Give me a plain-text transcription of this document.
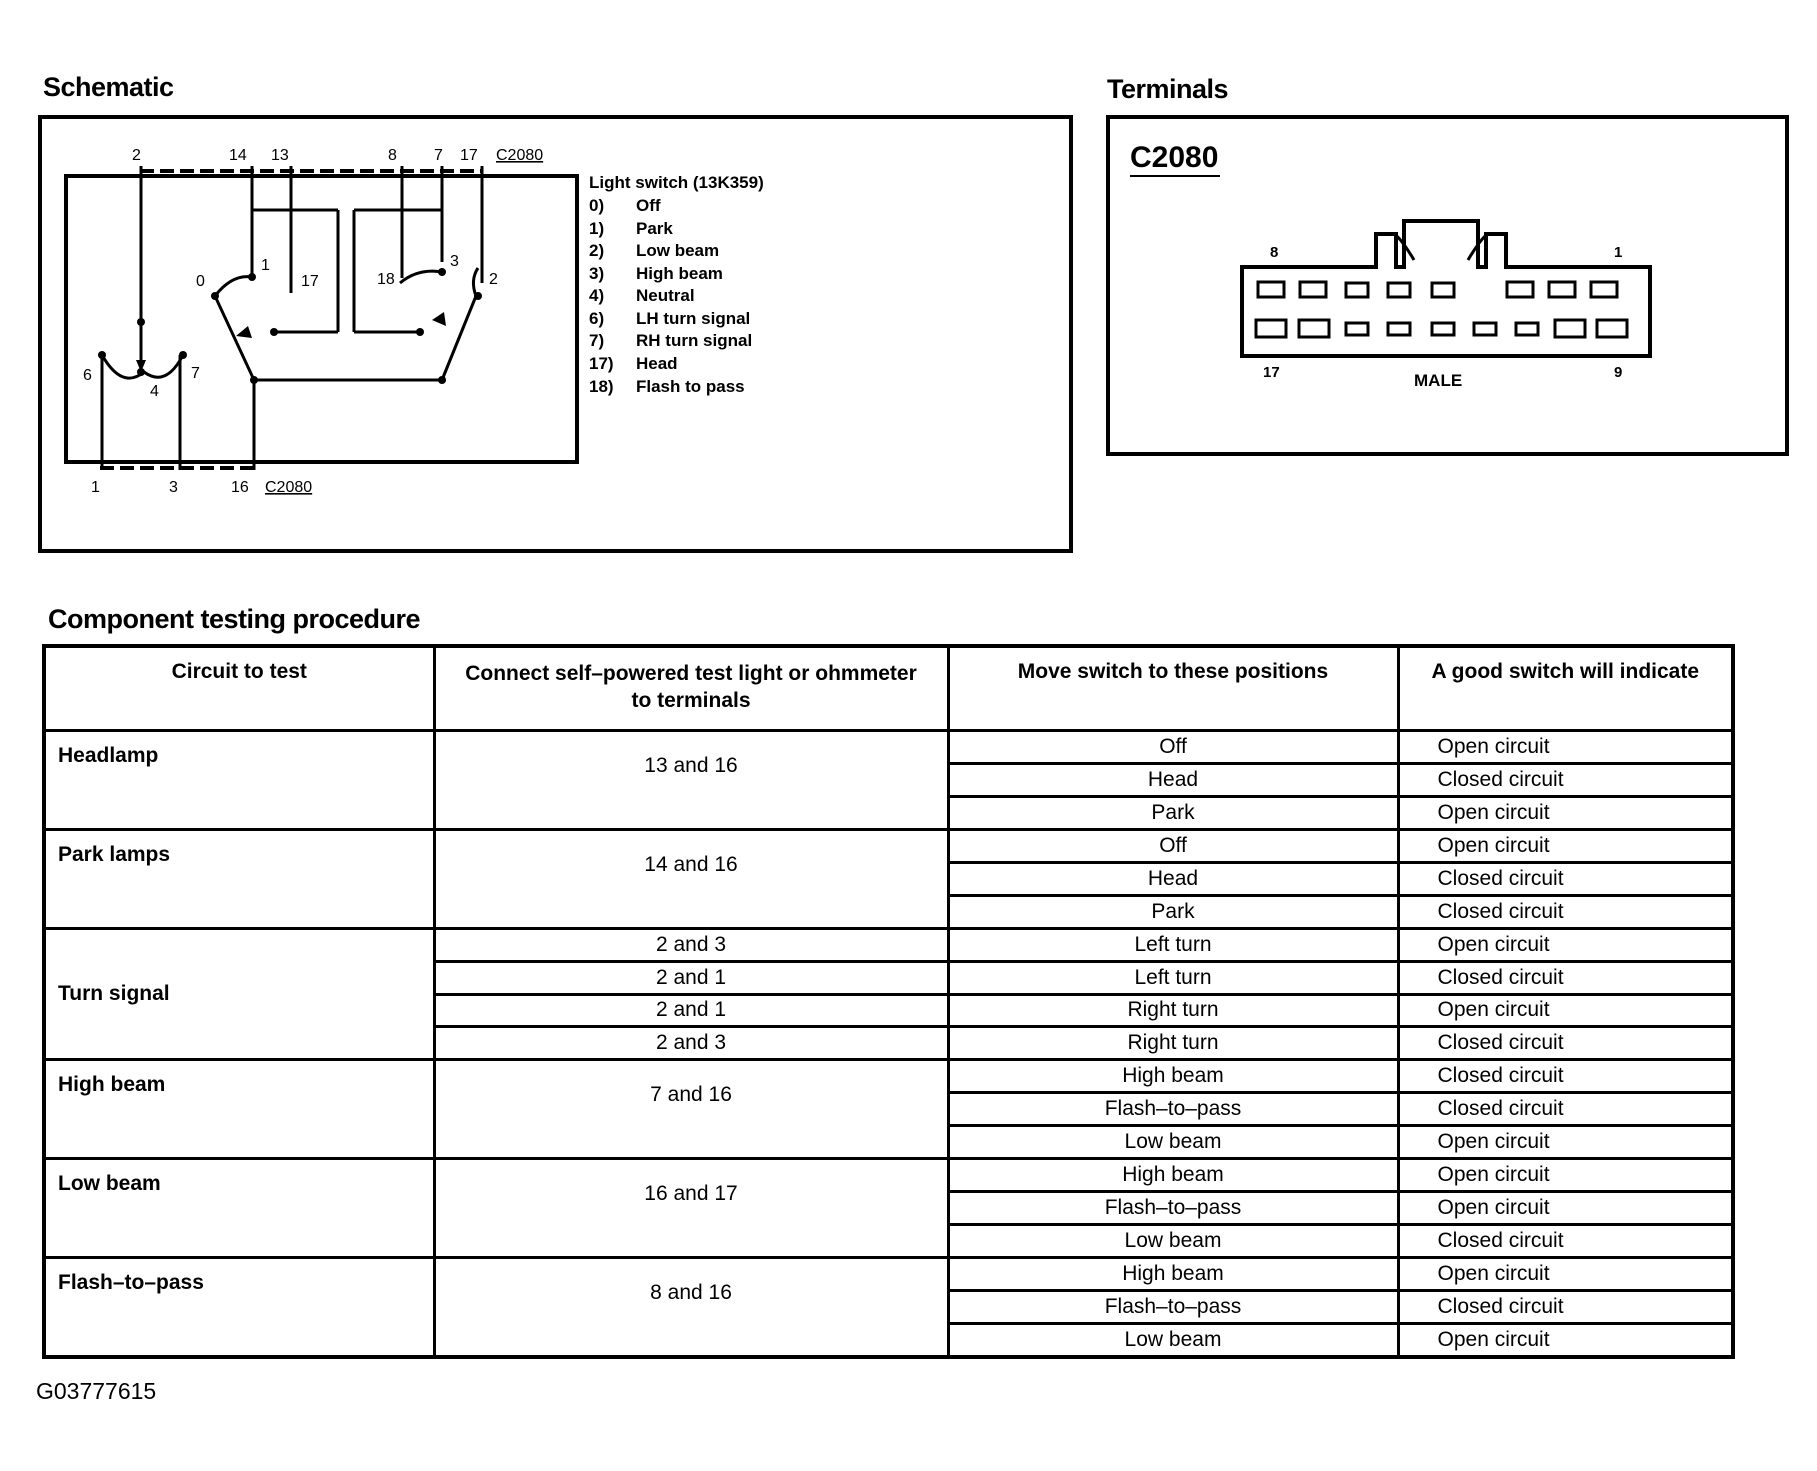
Schematic
2	14 13	8 7 17 C2080
1	3	16 C2080
0
1
17	18
3
2
6
4
7
Light switch (13K359)
0) Off
1) Park
2) Low beam
3) High beam
4) Neutral
6) LH turn signal
7) RH turn signal
17) Head
18) Flash to pass
Terminals
C2080
8	1
17	9
MALE
Component testing procedure
Circuit to test	Connect self–powered test light or ohmmeter to terminals	Move switch to these positions	A good switch will indicate
Headlamp	13 and 16	Off	Open circuit
		Head	Closed circuit
		Park	Open circuit
Park lamps	14 and 16	Off	Open circuit
		Head	Closed circuit
		Park	Closed circuit
Turn signal	2 and 3	Left turn	Open circuit
	2 and 1	Left turn	Closed circuit
	2 and 1	Right turn	Open circuit
	2 and 3	Right turn	Closed circuit
High beam	7 and 16	High beam	Closed circuit
		Flash–to–pass	Closed circuit
		Low beam	Open circuit
Low beam	16 and 17	High beam	Open circuit
		Flash–to–pass	Open circuit
		Low beam	Closed circuit
Flash–to–pass	8 and 16	High beam	Open circuit
		Flash–to–pass	Closed circuit
		Low beam	Open circuit
G03777615
